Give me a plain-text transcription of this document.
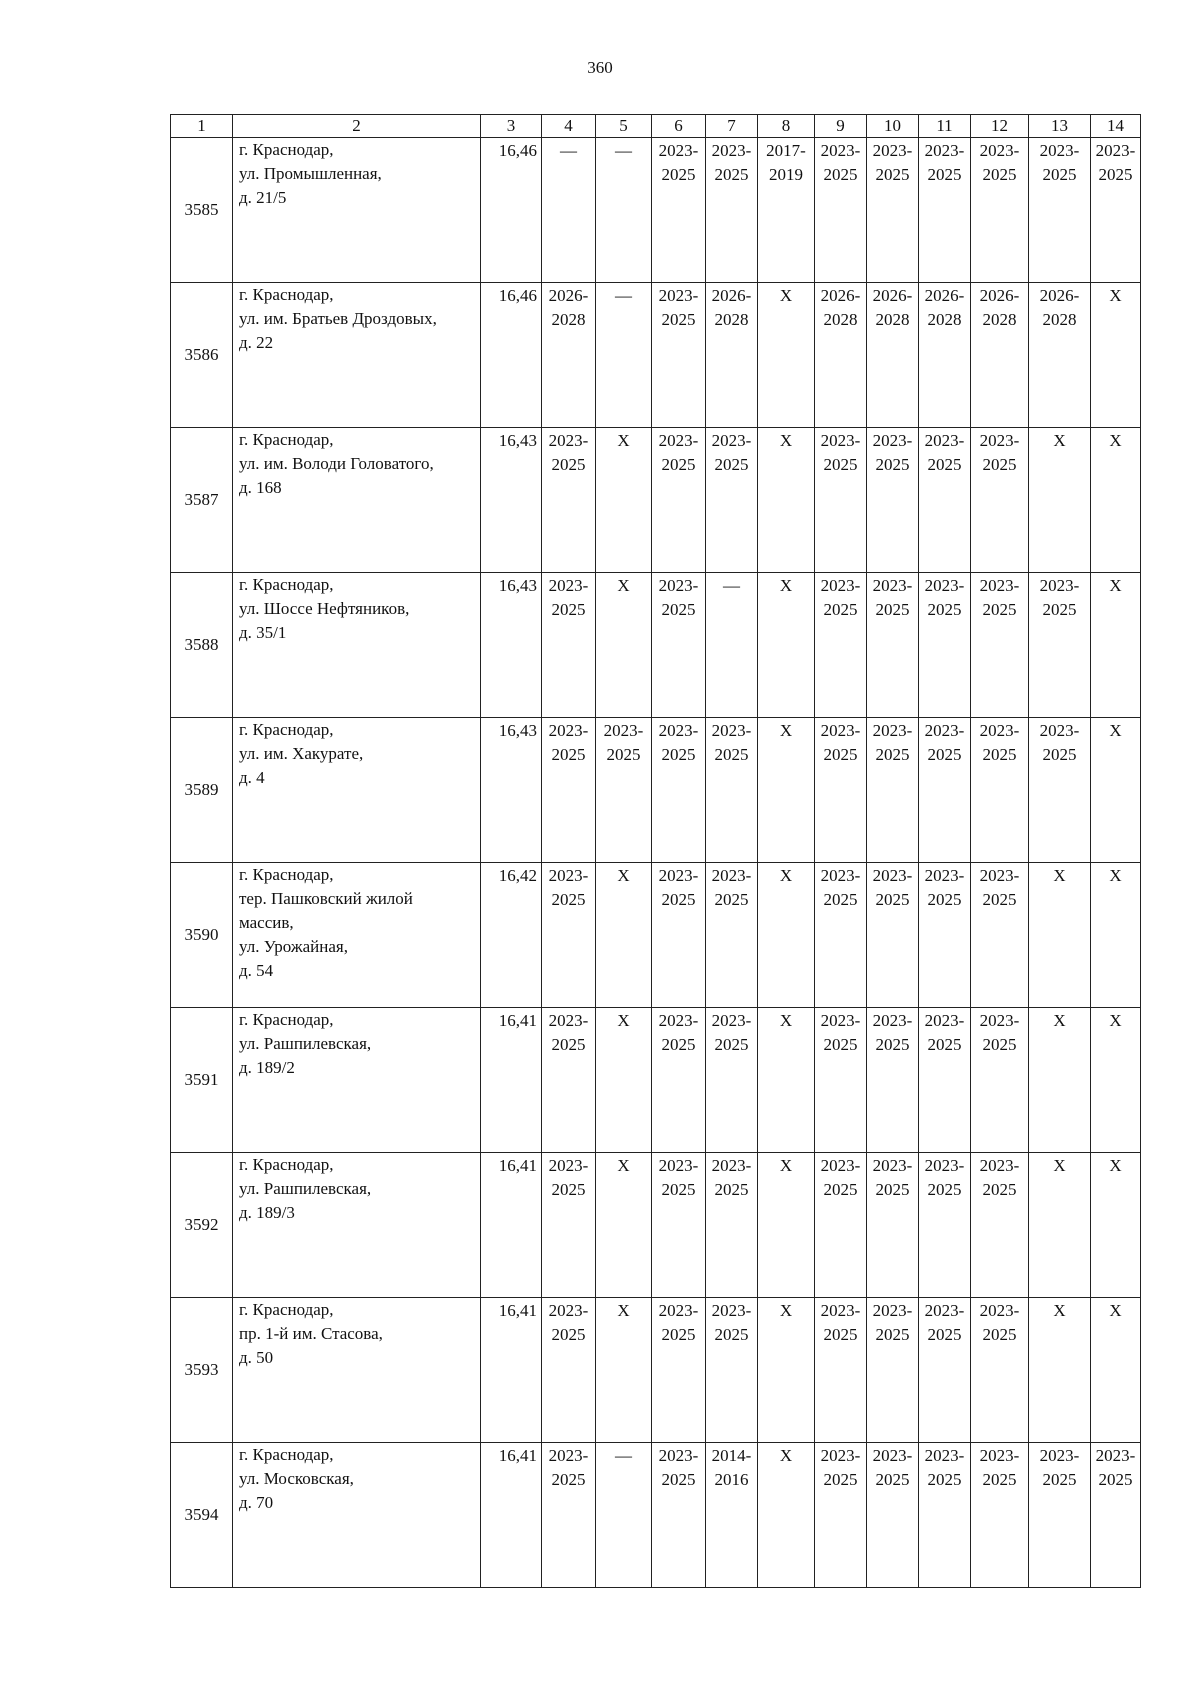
360
1	2	3	4	5	6	7	8	9	10	11	12	13	14
3585	г. Краснодар,
ул. Промышленная,
д. 21/5	16,46	—	—	2023-
2025	2023-
2025	2017-
2019	2023-
2025	2023-
2025	2023-
2025	2023-
2025	2023-
2025	2023-
2025

3586	г. Краснодар,
ул. им. Братьев Дроздовых,
д. 22	16,46	2026-
2028	—	2023-
2025	2026-
2028	Х	2026-
2028	2026-
2028	2026-
2028	2026-
2028	2026-
2028	Х
3587	г. Краснодар,
ул. им. Володи Головатого,
д. 168	16,43	2023-
2025	Х	2023-
2025	2023-
2025	Х	2023-
2025	2023-
2025	2023-
2025	2023-
2025	Х	Х
3588	г. Краснодар,
ул. Шоссе Нефтяников,
д. 35/1	16,43	2023-
2025	Х	2023-
2025	—	Х	2023-
2025	2023-
2025	2023-
2025	2023-
2025	2023-
2025	Х
3589	г. Краснодар,
ул. им. Хакурате,
д. 4	16,43	2023-
2025	2023-
2025	2023-
2025	2023-
2025	Х	2023-
2025	2023-
2025	2023-
2025	2023-
2025	2023-
2025	Х
3590	г. Краснодар,
тер. Пашковский жилой
массив,
ул. Урожайная,
д. 54	16,42	2023-
2025	Х	2023-
2025	2023-
2025	Х	2023-
2025	2023-
2025	2023-
2025	2023-
2025	Х	Х
3591	г. Краснодар,
ул. Рашпилевская,
д. 189/2	16,41	2023-
2025	Х	2023-
2025	2023-
2025	Х	2023-
2025	2023-
2025	2023-
2025	2023-
2025	Х	Х
3592	г. Краснодар,
ул. Рашпилевская,
д. 189/3	16,41	2023-
2025	Х	2023-
2025	2023-
2025	Х	2023-
2025	2023-
2025	2023-
2025	2023-
2025	Х	Х
3593	г. Краснодар,
пр. 1-й им. Стасова,
д. 50	16,41	2023-
2025	Х	2023-
2025	2023-
2025	Х	2023-
2025	2023-
2025	2023-
2025	2023-
2025	Х	Х
3594	г. Краснодар,
ул. Московская,
д. 70	16,41	2023-
2025	—	2023-
2025	2014-
2016	Х	2023-
2025	2023-
2025	2023-
2025	2023-
2025	2023-
2025	2023-
2025
